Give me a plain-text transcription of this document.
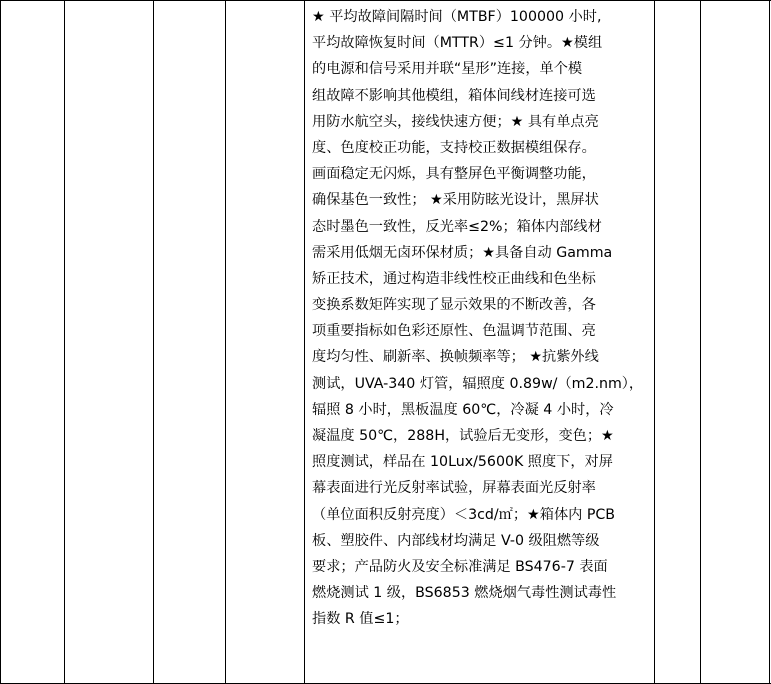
★ 平均故障间隔时间（MTBF）100000 小时,
平均故障恢复时间（MTTR）≤1 分钟。★模组
的电源和信号采用并联“星形”连接，单个模
组故障不影响其他模组，箱体间线材连接可选
用防水航空头，接线快速方便；★ 具有单点亮
度、色度校正功能，支持校正数据模组保存。
画面稳定无闪烁，具有整屏色平衡调整功能，
确保基色一致性； ★采用防眩光设计，黑屏状
态时墨色一致性，反光率≤2%；箱体内部线材
需采用低烟无卤环保材质；★具备自动 Gamma
矫正技术，通过构造非线性校正曲线和色坐标
变换系数矩阵实现了显示效果的不断改善，各
项重要指标如色彩还原性、色温调节范围、亮
度均匀性、刷新率、换帧频率等； ★抗紫外线
测试，UVA-340 灯管，辐照度 0.89w/（m2.nm），
辐照 8 小时，黑板温度 60℃，冷凝 4 小时，冷
凝温度 50℃，288H，试验后无变形，变色；★
照度测试，样品在 10Lux/5600K 照度下，对屏
幕表面进行光反射率试验，屏幕表面光反射率
（单位面积反射亮度）＜3cd/㎡；★箱体内 PCB
板、塑胶件、内部线材均满足 V-0 级阻燃等级
要求；产品防火及安全标准满足 BS476-7 表面
燃烧测试 1 级，BS6853 燃烧烟气毒性测试毒性
指数 R 值≤1；
